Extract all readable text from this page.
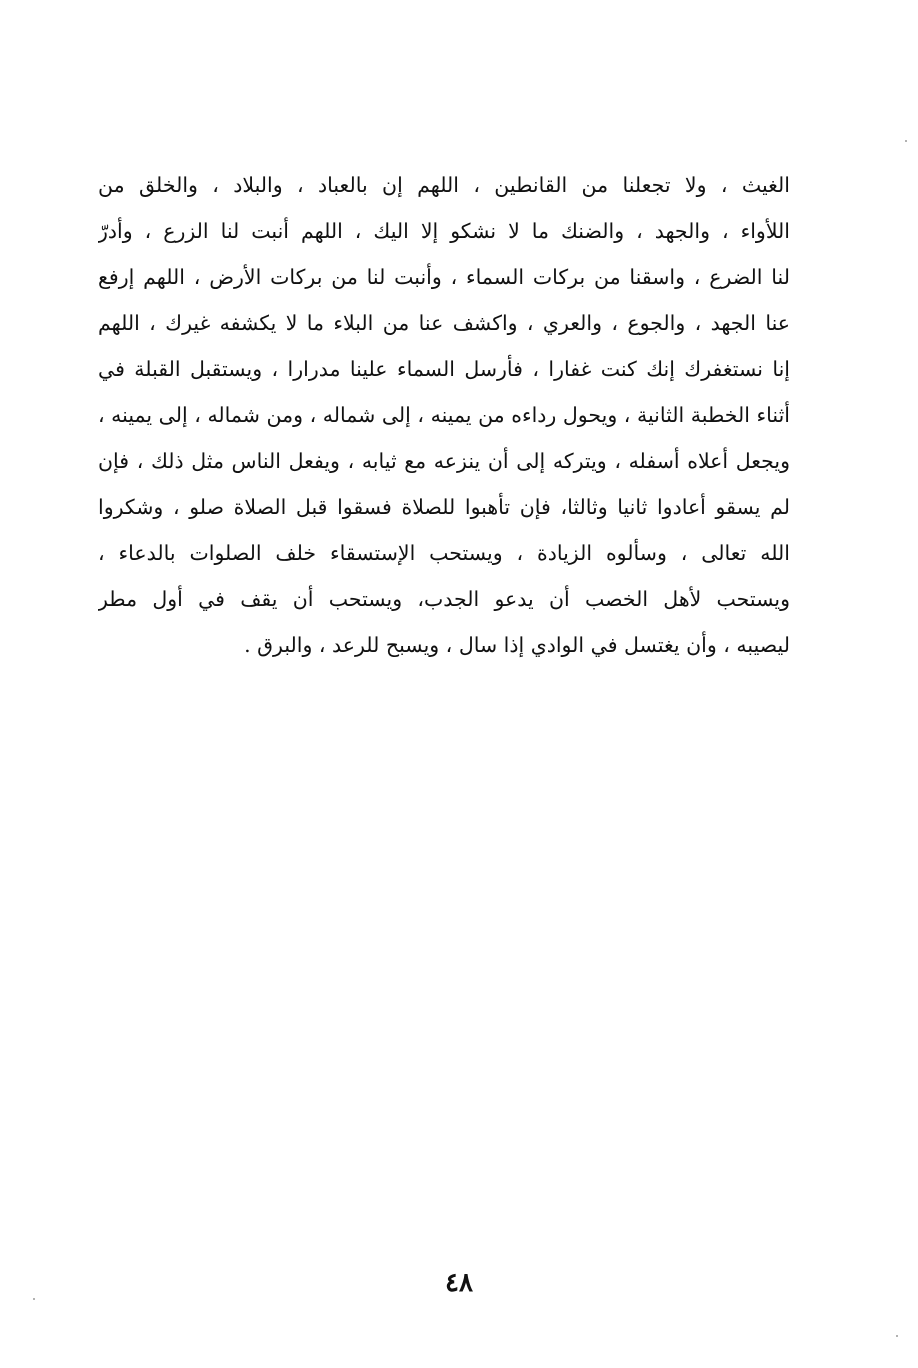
الغيث ، ولا تجعلنا من القانطين ، اللهم إن بالعباد ، والبلاد ، والخلق من
اللأواء ، والجهد ، والضنك ما لا نشكو إلا اليك ، اللهم أنبت لنا الزرع ، وأدرّ
لنا الضرع ، واسقنا من بركات السماء ، وأنبت لنا من بركات الأرض ، اللهم إرفع
عنا الجهد ، والجوع ، والعري ، واكشف عنا من البلاء ما لا يكشفه غيرك ، اللهم
إنا نستغفرك إنك كنت غفارا ، فأرسل السماء علينا مدرارا ، ويستقبل القبلة في
أثناء الخطبة الثانية ، ويحول رداءه من يمينه ، إلى شماله ، ومن شماله ، إلى يمينه ،
ويجعل أعلاه أسفله ، ويتركه إلى أن ينزعه مع ثيابه ، ويفعل الناس مثل ذلك ، فإن
لم يسقو أعادوا ثانيا وثالثا، فإن تأهبوا للصلاة فسقوا قبل الصلاة صلو ، وشكروا
الله تعالى ، وسألوه الزيادة ، ويستحب الإستسقاء خلف الصلوات بالدعاء ،
ويستحب لأهل الخصب أن يدعو الجدب، ويستحب أن يقف في أول مطر
ليصيبه ، وأن يغتسل في الوادي إذا سال ، ويسبح للرعد ، والبرق .
٤٨
